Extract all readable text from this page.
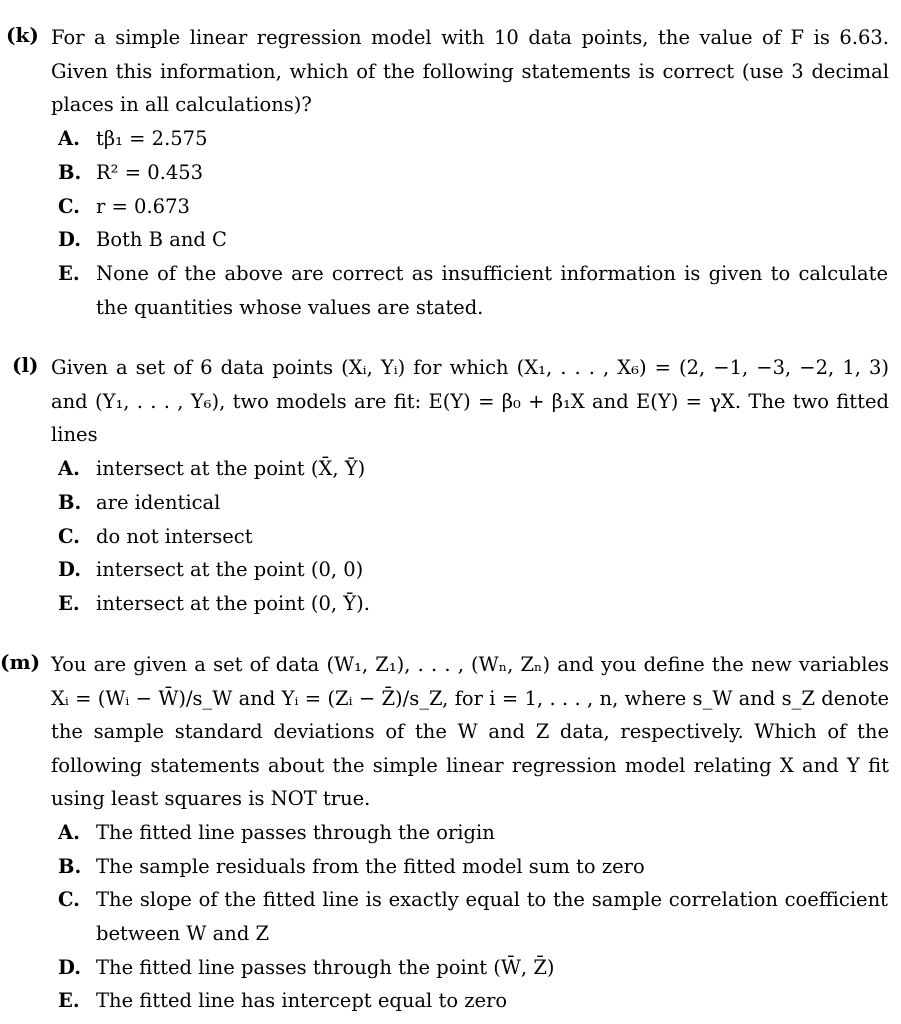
(k) For a simple linear regression model with 10 data points, the value of F is 6.63. Given this information, which of the following statements is correct (use 3 decimal places in all calculations)?
A. tβ₁ = 2.575
B. R² = 0.453
C. r = 0.673
D. Both B and C
E. None of the above are correct as insufficient information is given to calculate the quantities whose values are stated.
(l) Given a set of 6 data points (Xᵢ, Yᵢ) for which (X₁, . . . , X₆) = (2, −1, −3, −2, 1, 3) and (Y₁, . . . , Y₆), two models are fit: E(Y) = β₀ + β₁X and E(Y) = γX. The two fitted lines
A. intersect at the point (X̄, Ȳ)
B. are identical
C. do not intersect
D. intersect at the point (0, 0)
E. intersect at the point (0, Ȳ).
(m) You are given a set of data (W₁, Z₁), . . . , (Wₙ, Zₙ) and you define the new variables Xᵢ = (Wᵢ − W̄)/s_W and Yᵢ = (Zᵢ − Z̄)/s_Z, for i = 1, . . . , n, where s_W and s_Z denote the sample standard deviations of the W and Z data, respectively. Which of the following statements about the simple linear regression model relating X and Y fit using least squares is NOT true.
A. The fitted line passes through the origin
B. The sample residuals from the fitted model sum to zero
C. The slope of the fitted line is exactly equal to the sample correlation coefficient between W and Z
D. The fitted line passes through the point (W̄, Z̄)
E. The fitted line has intercept equal to zero
